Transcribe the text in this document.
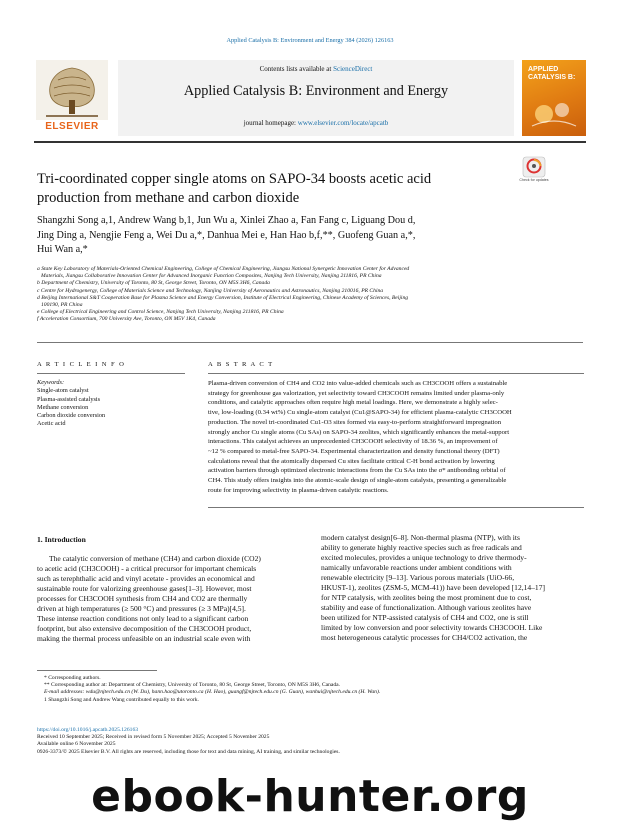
Applied Catalysis B: Environment and Energy 384 (2026) 126163
ELSEVIER
Contents lists available at ScienceDirect
Applied Catalysis B: Environment and Energy
journal homepage: www.elsevier.com/locate/apcatb
APPLIED CATALYSIS B:
Tri-coordinated copper single atoms on SAPO-34 boosts acetic acid
production from methane and carbon dioxide
Check for updates
Shangzhi Song a,1, Andrew Wang b,1, Jun Wu a, Xinlei Zhao a, Fan Fang c, Liguang Dou d,
Jing Ding a, Nengjie Feng a, Wei Du a,*, Danhua Mei e, Han Hao b,f,**, Guofeng Guan a,*,
Hui Wan a,*
a State Key Laboratory of Materials-Oriented Chemical Engineering, College of Chemical Engineering, Jiangsu National Synergetic Innovation Center for Advanced
Materials, Jiangsu Collaborative Innovation Center for Advanced Inorganic Function Composites, Nanjing Tech University, Nanjing 211816, PR China
b Department of Chemistry, University of Toronto, 80 St, George Street, Toronto, ON M5S 3H6, Canada
c Centre for Hydrogenergy, College of Materials Science and Technology, Nanjing University of Aeronautics and Astronautics, Nanjing 210016, PR China
d Beijing International S&T Cooperation Base for Plasma Science and Energy Conversion, Institute of Electrical Engineering, Chinese Academy of Sciences, Beijing
100190, PR China
e College of Electrical Engineering and Control Science, Nanjing Tech University, Nanjing 211816, PR China
f Acceleration Consortium, 700 University Ave, Toronto, ON M5V 1K4, Canada
A R T I C L E I N F O
Keywords:
Single-atom catalyst
Plasma-assisted catalysis
Methane conversion
Carbon dioxide conversion
Acetic acid
A B S T R A C T
Plasma-driven conversion of CH4 and CO2 into value-added chemicals such as CH3COOH offers a sustainable
strategy for greenhouse gas valorization, yet selectivity toward CH3COOH remains limited under plasma-only
conditions, and catalytic approaches often require high metal loadings. Here, we demonstrate a highly selec-
tive, low-loading (0.34 wt%) Cu single-atom catalyst (Cu1@SAPO-34) for efficient plasma-catalytic CH3COOH
production. The novel tri-coordinated Cu1-O3 sites formed via easy-to-perform straightforward impregnation
strongly anchor Cu single atoms (Cu SAs) on SAPO-34 zeolites, which significantly enhances the metal-support
interactions. This catalyst achieves an unprecedented CH3COOH selectivity of 18.36 %, an improvement of
~12 % compared to metal-free SAPO-34. Experimental characterization and density functional theory (DFT)
calculations reveal that the atomically dispersed Cu sites facilitate critical C-H bond activation by lowering
activation barriers through optimized electronic interactions from the Cu SAs into the σ* antibonding orbital of
CH4. This study offers insights into the atomic-scale design of single-atom catalysts, presenting a generalizable
route for improving selectivity in plasma-driven catalytic reactions.
1. Introduction
The catalytic conversion of methane (CH4) and carbon dioxide (CO2)
to acetic acid (CH3COOH) - a critical precursor for important chemicals
such as terephthalic acid and vinyl acetate - provides an economical and
sustainable route for valorizing greenhouse gases[1–3]. However, most
processes for CH3COOH synthesis from CH4 and CO2 are thermally
driven at high temperatures (≥ 500 °C) and pressures (≥ 3 MPa)[4,5].
These intense reaction conditions not only lead to a significant carbon
footprint, but also extensive decomposition of the CH3COOH product,
making the thermal process unfeasible on an industrial scale even with
modern catalyst design[6–8]. Non-thermal plasma (NTP), with its
ability to generate highly reactive species such as free radicals and
excited molecules, provides a unique technology to drive thermody-
namically unfavorable reactions under ambient conditions with
renewable electricity [9–13]. Various porous materials (UiO-66,
HKUST-1), zeolites (ZSM-5, MCM-41)) have been developed [12,14–17]
for NTP catalysis, with zeolites being the most prominent due to cost,
stability and ease of functionalization. Although various zeolites have
been utilized for NTP-assisted catalysis of CH4 and CO2, one is still
limited by low conversion and poor selectivity towards CH3COOH. Like
most heterogeneous catalytic processes for CH4/CO2 activation, the
* Corresponding authors.
** Corresponding author at: Department of Chemistry, University of Toronto, 80 St, George Street, Toronto, ON M5S 3H6, Canada.
E-mail addresses: wdu@njtech.edu.cn (W. Du), hann.hao@utoronto.ca (H. Hao), guangf@njtech.edu.cn (G. Guan), wanhui@njtech.edu.cn (H. Wan).
1 Shangzhi Song and Andrew Wang contributed equally to this work.
https://doi.org/10.1016/j.apcatb.2025.126163
Received 10 September 2025; Received in revised form 5 November 2025; Accepted 5 November 2025
Available online 6 November 2025
0926-3373/© 2025 Elsevier B.V. All rights are reserved, including those for text and data mining, AI training, and similar technologies.
ebook-hunter.org
